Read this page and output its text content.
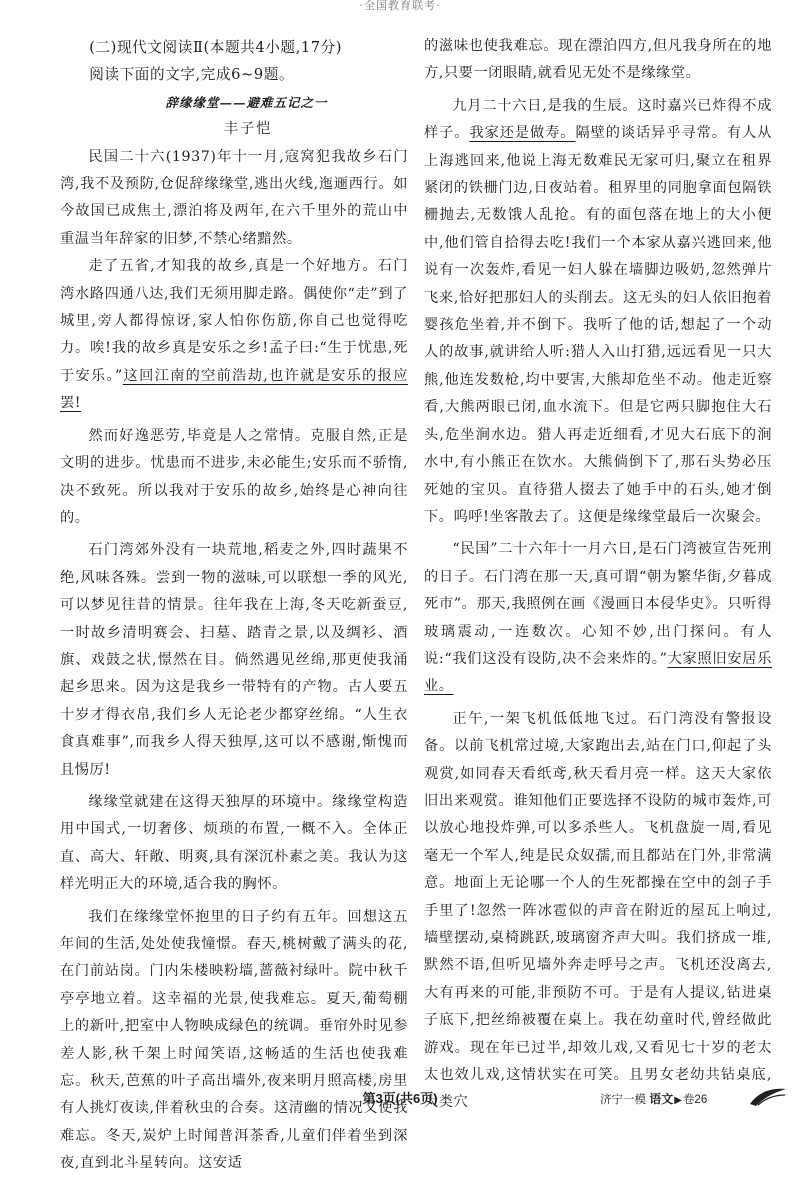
·全国教育联考·

(二)现代文阅读Ⅱ(本题共4小题,17分)

阅读下面的文字,完成6~9题。

辞缘缘堂——避难五记之一

丰子恺

民国二十六(1937)年十一月,寇窝犯我故乡石门湾,我不及预防,仓促辞缘缘堂,逃出火线,迤逦西行。如今故国已成焦土,漂泊将及两年,在六千里外的荒山中重温当年辞家的旧梦,不禁心绪黯然。

走了五省,才知我的故乡,真是一个好地方。石门湾水路四通八达,我们无须用脚走路。偶使你“走”到了城里,旁人都得惊讶,家人怕你伤筋,你自己也觉得吃力。唉!我的故乡真是安乐之乡!孟子曰:“生于忧患,死于安乐。”这回江南的空前浩劫,也许就是安乐的报应罢!

然而好逸恶劳,毕竟是人之常情。克服自然,正是文明的进步。忧患而不进步,未必能生;安乐而不骄惰,决不致死。所以我对于安乐的故乡,始终是心神向往的。

石门湾郊外没有一块荒地,稻麦之外,四时蔬果不绝,风味各殊。尝到一物的滋味,可以联想一季的风光,可以梦见往昔的情景。往年我在上海,冬天吃新蚕豆,一时故乡清明赛会、扫墓、踏青之景,以及绸衫、酒旗、戏鼓之状,憬然在目。倘然遇见丝绵,那更使我涌起乡思来。因为这是我乡一带特有的产物。古人要五十岁才得衣帛,我们乡人无论老少都穿丝绵。“人生衣食真难事”,而我乡人得天独厚,这可以不感谢,惭愧而且惕厉!

缘缘堂就建在这得天独厚的环境中。缘缘堂构造用中国式,一切奢侈、烦琐的布置,一概不入。全体正直、高大、轩敞、明爽,具有深沉朴素之美。我认为这样光明正大的环境,适合我的胸怀。

我们在缘缘堂怀抱里的日子约有五年。回想这五年间的生活,处处使我憧憬。春天,桃树戴了满头的花,在门前站岗。门内朱楼映粉墙,蔷薇衬绿叶。院中秋千亭亭地立着。这幸福的光景,使我难忘。夏天,葡萄棚上的新叶,把室中人物映成绿色的统调。垂帘外时见参差人影,秋千架上时闻笑语,这畅适的生活也使我难忘。秋天,芭蕉的叶子高出墙外,夜来明月照高楼,房里有人挑灯夜读,伴着秋虫的合奏。这清幽的情况又使我难忘。冬天,炭炉上时闻普洱茶香,儿童们伴着坐到深夜,直到北斗星转向。这安适

的滋味也使我难忘。现在漂泊四方,但凡我身所在的地方,只要一闭眼睛,就看见无处不是缘缘堂。

九月二十六日,是我的生辰。这时嘉兴已炸得不成样子。我家还是做寿。隔壁的谈话异乎寻常。有人从上海逃回来,他说上海无数难民无家可归,聚立在租界紧闭的铁栅门边,日夜站着。租界里的同胞拿面包隔铁栅抛去,无数饿人乱抢。有的面包落在地上的大小便中,他们管自拾得去吃!我们一个本家从嘉兴逃回来,他说有一次轰炸,看见一妇人躲在墙脚边吸奶,忽然弹片飞来,恰好把那妇人的头削去。这无头的妇人依旧抱着婴孩危坐着,并不倒下。我听了他的话,想起了一个动人的故事,就讲给人听:猎人入山打猎,远远看见一只大熊,他连发数枪,均中要害,大熊却危坐不动。他走近察看,大熊两眼已闭,血水流下。但是它两只脚抱住大石头,危坐涧水边。猎人再走近细看,才见大石底下的涧水中,有小熊正在饮水。大熊倘倒下了,那石头势必压死她的宝贝。直待猎人掇去了她手中的石头,她才倒下。呜呼!坐客散去了。这便是缘缘堂最后一次聚会。

“民国”二十六年十一月六日,是石门湾被宣告死刑的日子。石门湾在那一天,真可谓“朝为繁华街,夕暮成死市”。那天,我照例在画《漫画日本侵华史》。只听得玻璃震动,一连数次。心知不妙,出门探问。有人说:“我们这没有设防,决不会来炸的。”大家照旧安居乐业。

正午,一架飞机低低地飞过。石门湾没有警报设备。以前飞机常过境,大家跑出去,站在门口,仰起了头观赏,如同春天看纸鸢,秋天看月亮一样。这天大家依旧出来观赏。谁知他们正要选择不设防的城市轰炸,可以放心地投炸弹,可以多杀些人。飞机盘旋一周,看见毫无一个军人,纯是民众奴孺,而且都站在门外,非常满意。地面上无论哪一个人的生死都操在空中的刽子手手里了!忽然一阵冰雹似的声音在附近的屋瓦上响过,墙壁摆动,桌椅跳跃,玻璃窗齐声大叫。我们挤成一堆,默然不语,但听见墙外奔走呼号之声。飞机还没离去,大有再来的可能,非预防不可。于是有人提议,钻进桌子底下,把丝绵被覆在桌上。我在幼童时代,曾经做此游戏。现在年已过半,却效儿戏,又看见七十岁的老太太也效儿戏,这情状实在可笑。且男女老幼共钻桌底,大类穴

第3页(共6页)	济宁一模 语文▶卷26
